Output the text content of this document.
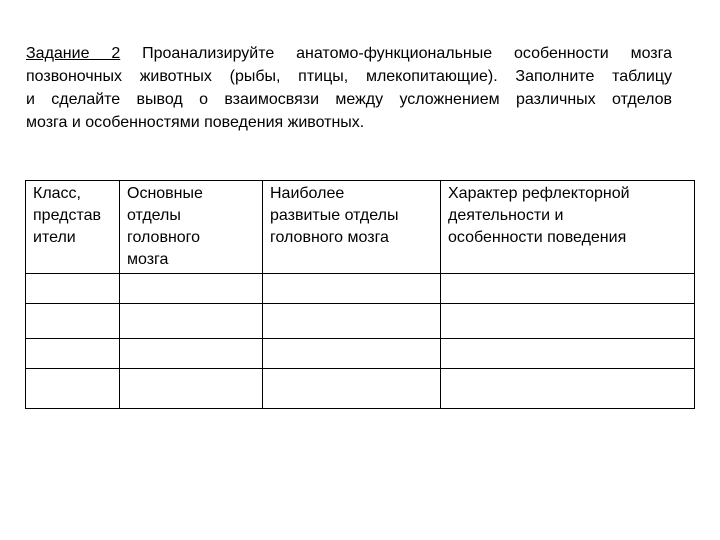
Задание 2 Проанализируйте анатомо-функциональные особенности мозга
позвоночных животных (рыбы, птицы, млекопитающие). Заполните таблицу
и сделайте вывод о взаимосвязи между усложнением различных отделов
мозга и особенностями поведения животных.
Класс,
представ
ители	Основные
отделы
головного
мозга	Наиболее
развитые отделы
головного мозга	Характер рефлекторной
деятельности и
особенности поведения
